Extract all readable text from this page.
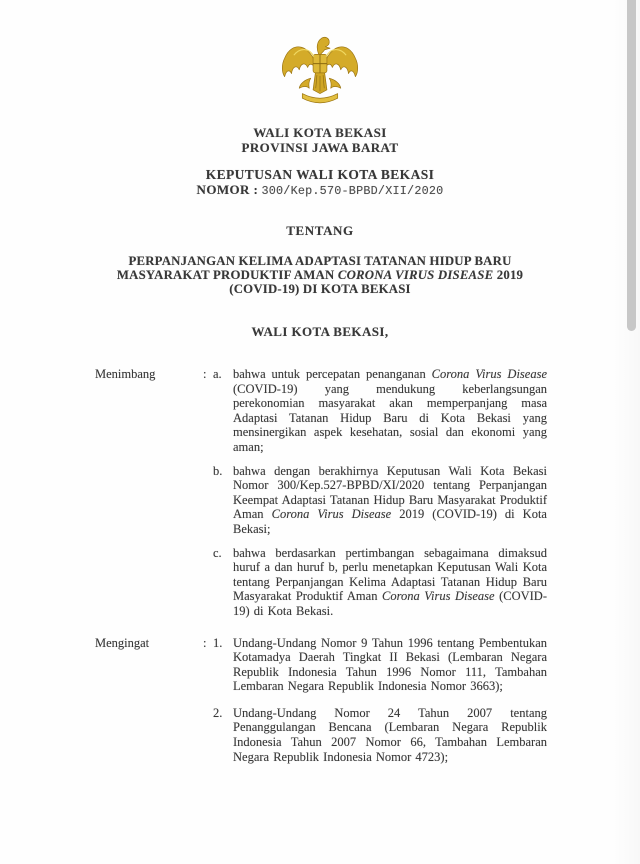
WALI KOTA BEKASI
PROVINSI JAWA BARAT
KEPUTUSAN WALI KOTA BEKASI
NOMOR : 300/Kep.570-BPBD/XII/2020
TENTANG
PERPANJANGAN KELIMA ADAPTASI TATANAN HIDUP BARU
MASYARAKAT PRODUKTIF AMAN CORONA VIRUS DISEASE 2019
(COVID-19) DI KOTA BEKASI
WALI KOTA BEKASI,
Menimbang	: a. bahwa untuk percepatan penanganan Corona Virus Disease (COVID-19) yang mendukung keberlangsungan perekonomian masyarakat akan memperpanjang masa Adaptasi Tatanan Hidup Baru di Kota Bekasi yang mensinergikan aspek kesehatan, sosial dan ekonomi yang aman;
b. bahwa dengan berakhirnya Keputusan Wali Kota Bekasi Nomor 300/Kep.527-BPBD/XI/2020 tentang Perpanjangan Keempat Adaptasi Tatanan Hidup Baru Masyarakat Produktif Aman Corona Virus Disease 2019 (COVID-19) di Kota Bekasi;
c. bahwa berdasarkan pertimbangan sebagaimana dimaksud huruf a dan huruf b, perlu menetapkan Keputusan Wali Kota tentang Perpanjangan Kelima Adaptasi Tatanan Hidup Baru Masyarakat Produktif Aman Corona Virus Disease (COVID-19) di Kota Bekasi.
Mengingat	: 1. Undang-Undang Nomor 9 Tahun 1996 tentang Pembentukan Kotamadya Daerah Tingkat II Bekasi (Lembaran Negara Republik Indonesia Tahun 1996 Nomor 111, Tambahan Lembaran Negara Republik Indonesia Nomor 3663);
2. Undang-Undang Nomor 24 Tahun 2007 tentang Penanggulangan Bencana (Lembaran Negara Republik Indonesia Tahun 2007 Nomor 66, Tambahan Lembaran Negara Republik Indonesia Nomor 4723);
